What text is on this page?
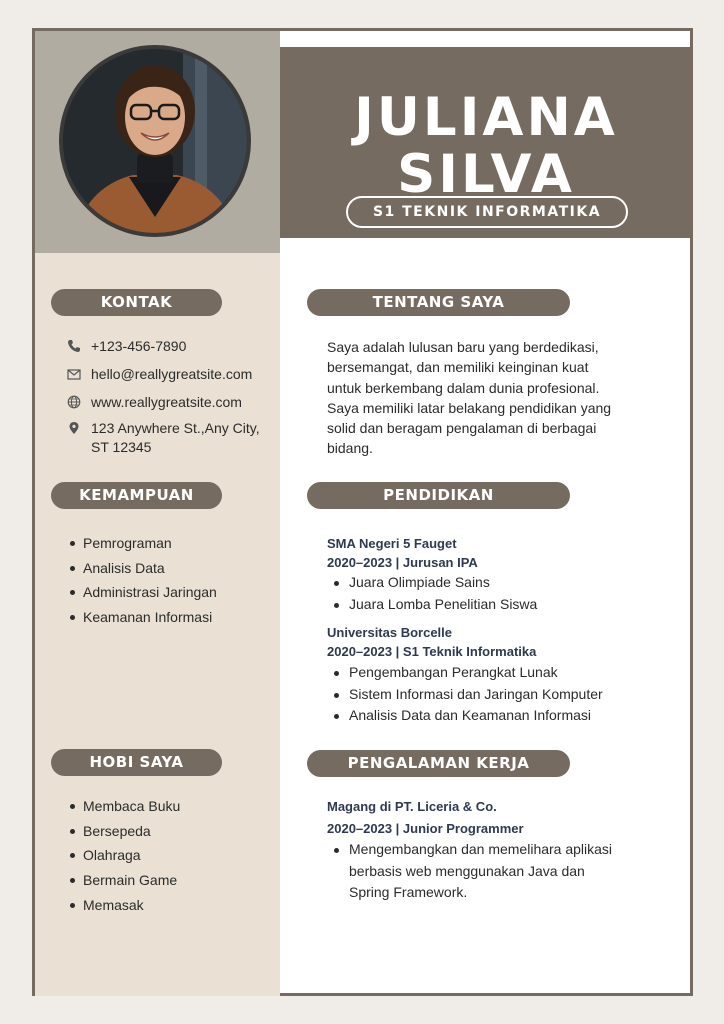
KONTAK
+123-456-7890
hello@reallygreatsite.com
www.reallygreatsite.com
123 Anywhere St.,Any City,
ST 12345
KEMAMPUAN
Pemrograman
Analisis Data
Administrasi Jaringan
Keamanan Informasi
HOBI SAYA
Membaca Buku
Bersepeda
Olahraga
Bermain Game
Memasak
JULIANA
SILVA
S1 TEKNIK INFORMATIKA
TENTANG SAYA
Saya adalah lulusan baru yang berdedikasi,
bersemangat, dan memiliki keinginan kuat
untuk berkembang dalam dunia profesional.
Saya memiliki latar belakang pendidikan yang
solid dan beragam pengalaman di berbagai
bidang.
PENDIDIKAN
SMA Negeri 5 Fauget
2020–2023 | Jurusan IPA
Juara Olimpiade Sains
Juara Lomba Penelitian Siswa
Universitas Borcelle
2020–2023 | S1 Teknik Informatika
Pengembangan Perangkat Lunak
Sistem Informasi dan Jaringan Komputer
Analisis Data dan Keamanan Informasi
PENGALAMAN KERJA
Magang di PT. Liceria & Co.
2020–2023 | Junior Programmer
Mengembangkan dan memelihara aplikasi
berbasis web menggunakan Java dan
Spring Framework.
